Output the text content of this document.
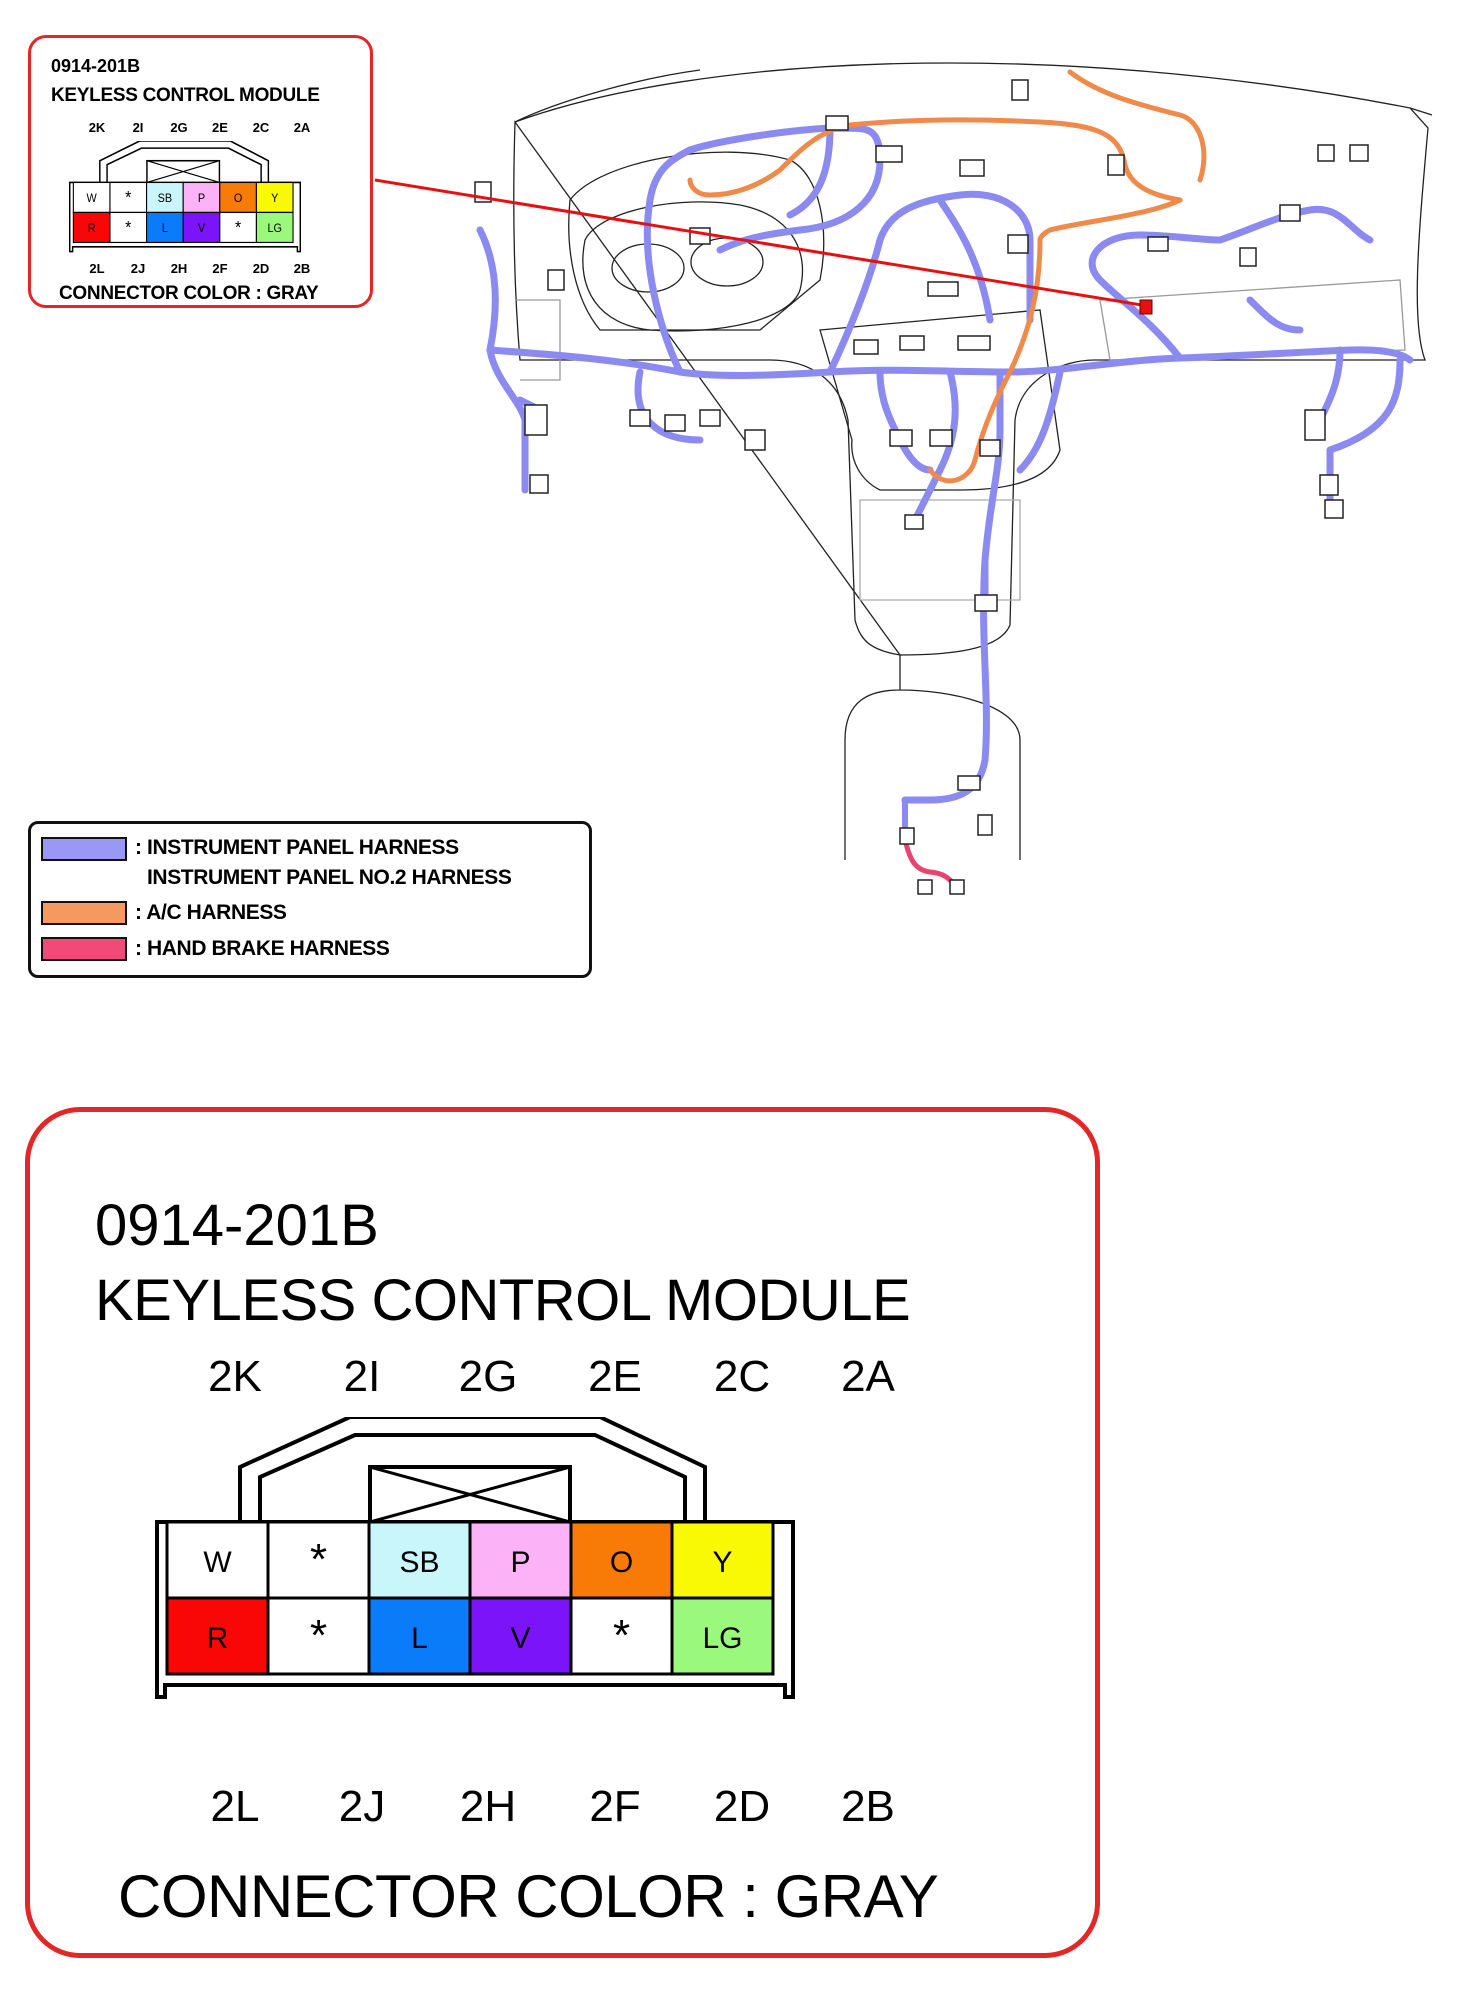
0914-201B
KEYLESS CONTROL MODULE
2K	2I	2G	2E	2C	2A
W * SB P O Y
R * L V * LG
2L	2J	2H	2F	2D	2B
CONNECTOR COLOR : GRAY
: INSTRUMENT PANEL HARNESS
INSTRUMENT PANEL NO.2 HARNESS
: A/C HARNESS
: HAND BRAKE HARNESS
0914-201B
KEYLESS CONTROL MODULE
2K	2I	2G	2E	2C	2A
W * SB P	O	Y
R *	L	V * LG
2L	2J	2H	2F	2D	2B
CONNECTOR COLOR : GRAY
